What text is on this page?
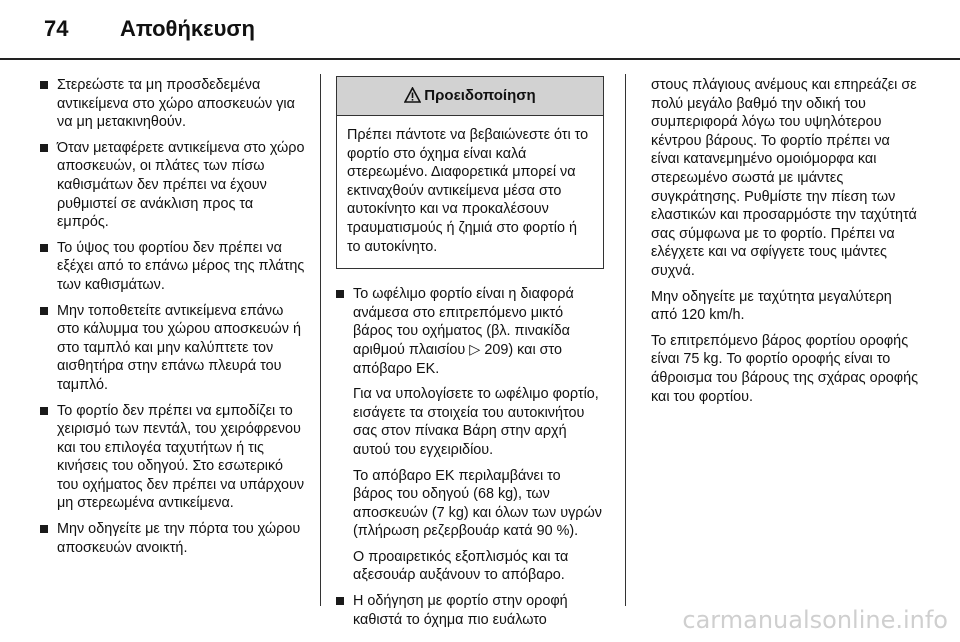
74 Αποθήκευση
Στερεώστε τα μη προσδεδεμένα αντικείμενα στο χώρο αποσκευών για να μη μετακινηθούν.
Όταν μεταφέρετε αντικείμενα στο χώρο αποσκευών, οι πλάτες των πίσω καθισμάτων δεν πρέπει να έχουν ρυθμιστεί σε ανάκλιση προς τα εμπρός.
Το ύψος του φορτίου δεν πρέπει να εξέχει από το επάνω μέρος της πλάτης των καθισμάτων.
Μην τοποθετείτε αντικείμενα επάνω στο κάλυμμα του χώρου αποσκευών ή στο ταμπλό και μην καλύπτετε τον αισθητήρα στην επάνω πλευρά του ταμπλό.
Το φορτίο δεν πρέπει να εμποδίζει το χειρισμό των πεντάλ, του χειρόφρενου και του επιλογέα ταχυτήτων ή τις κινήσεις του οδηγού. Στο εσωτερικό του οχήματος δεν πρέπει να υπάρχουν μη στερεωμένα αντικείμενα.
Μην οδηγείτε με την πόρτα του χώρου αποσκευών ανοικτή.
Προειδοποίηση
Πρέπει πάντοτε να βεβαιώνεστε ότι το φορτίο στο όχημα είναι καλά στερεωμένο. Διαφορετικά μπορεί να εκτιναχθούν αντικείμενα μέσα στο αυτοκίνητο και να προκαλέσουν τραυματισμούς ή ζημιά στο φορτίο ή το αυτοκίνητο.
Το ωφέλιμο φορτίο είναι η διαφορά ανάμεσα στο επιτρεπόμενο μικτό βάρος του οχήματος (βλ. πινακίδα αριθμού πλαισίου ▷ 209) και στο απόβαρο ΕΚ.

Για να υπολογίσετε το ωφέλιμο φορτίο, εισάγετε τα στοιχεία του αυτοκινήτου σας στον πίνακα Βάρη στην αρχή αυτού του εγχειριδίου.

Το απόβαρο ΕΚ περιλαμβάνει το βάρος του οδηγού (68 kg), των αποσκευών (7 kg) και όλων των υγρών (πλήρωση ρεζερβουάρ κατά 90 %).

Ο προαιρετικός εξοπλισμός και τα αξεσουάρ αυξάνουν το απόβαρο.

Η οδήγηση με φορτίο στην οροφή καθιστά το όχημα πιο ευάλωτο

στους πλάγιους ανέμους και επηρεάζει σε πολύ μεγάλο βαθμό την οδική του συμπεριφορά λόγω του υψηλότερου κέντρου βάρους. Το φορτίο πρέπει να είναι κατανεμημένο ομοιόμορφα και στερεωμένο σωστά με ιμάντες συγκράτησης. Ρυθμίστε την πίεση των ελαστικών και προσαρμόστε την ταχύτητά σας σύμφωνα με το φορτίο. Πρέπει να ελέγχετε και να σφίγγετε τους ιμάντες συχνά.

Μην οδηγείτε με ταχύτητα μεγαλύτερη από 120 km/h.

Το επιτρεπόμενο βάρος φορτίου οροφής είναι 75 kg. Το φορτίο οροφής είναι το άθροισμα του βάρους της σχάρας οροφής και του φορτίου.

carmanualsonline.info
